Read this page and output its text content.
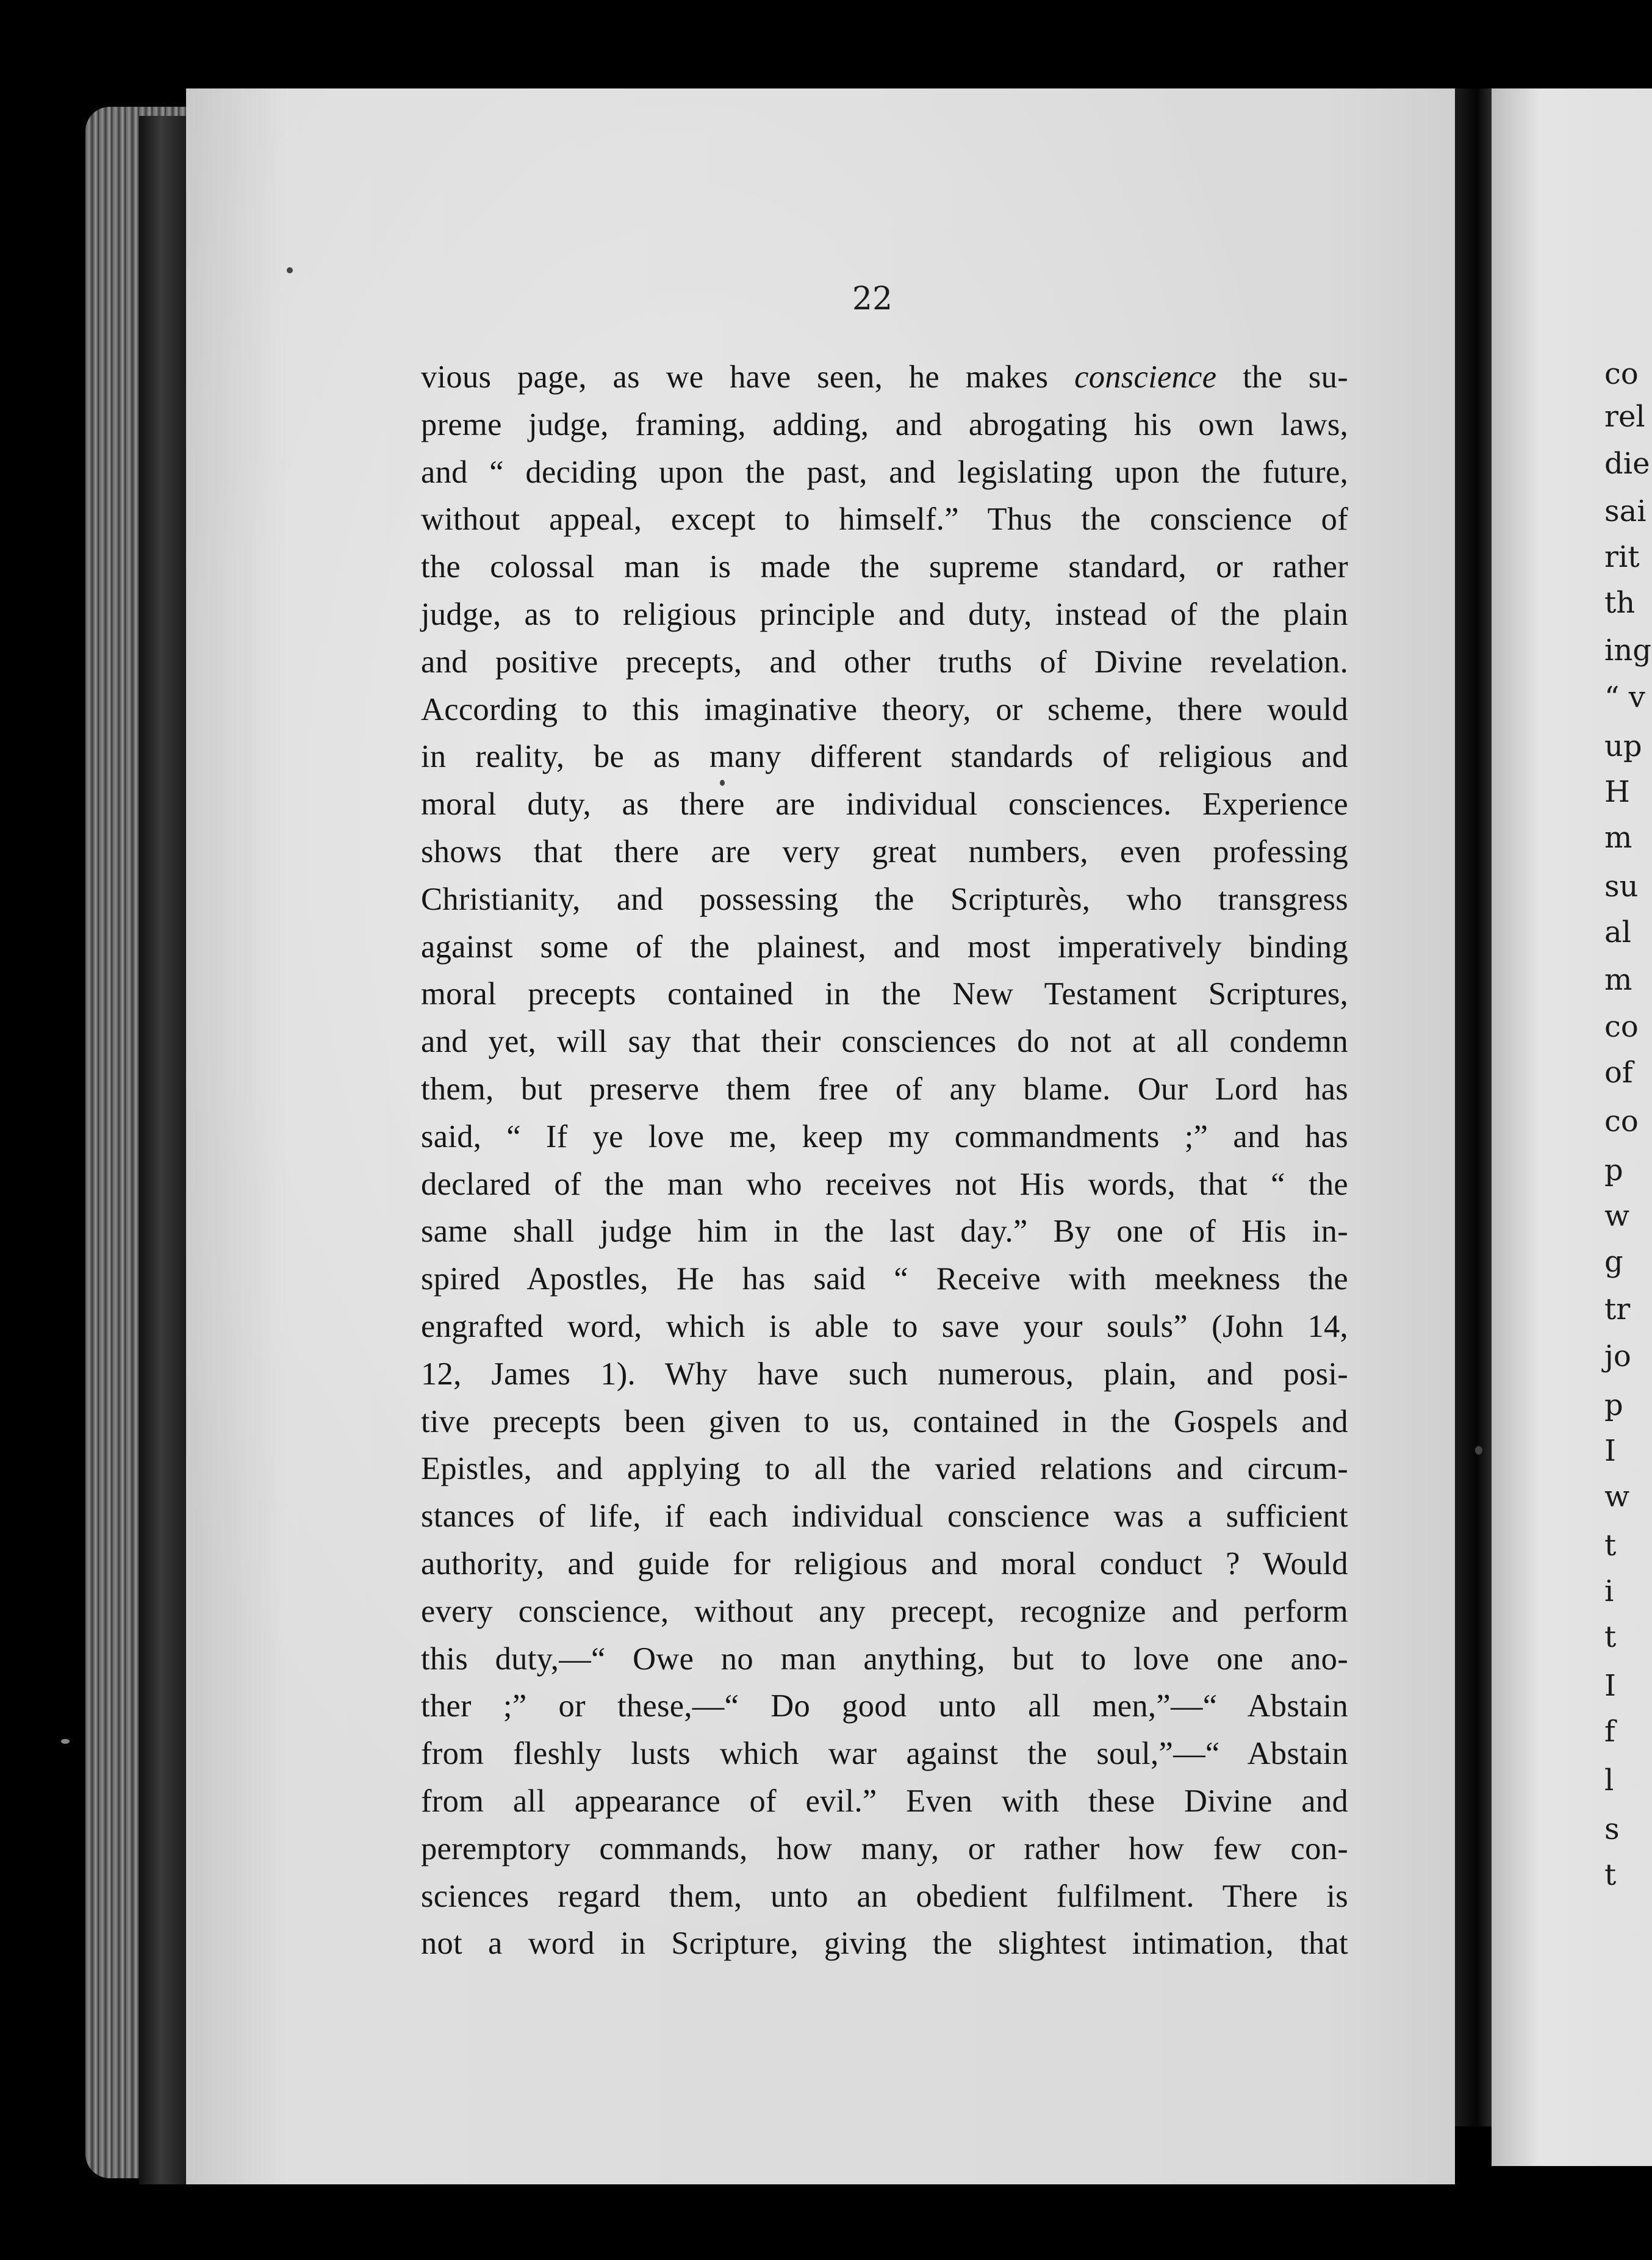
22
vious page, as we have seen, he makes conscience the su-
preme judge, framing, adding, and abrogating his own laws,
and “ deciding upon the past, and legislating upon the future,
without appeal, except to himself.” Thus the conscience of
the colossal man is made the supreme standard, or rather
judge, as to religious principle and duty, instead of the plain
and positive precepts, and other truths of Divine revelation.
According to this imaginative theory, or scheme, there would
in reality, be as many different standards of religious and
moral duty, as there are individual consciences. Experience
shows that there are very great numbers, even professing
Christianity, and possessing the Scripturès, who transgress
against some of the plainest, and most imperatively binding
moral precepts contained in the New Testament Scriptures,
and yet, will say that their consciences do not at all condemn
them, but preserve them free of any blame. Our Lord has
said, “ If ye love me, keep my commandments ;” and has
declared of the man who receives not His words, that “ the
same shall judge him in the last day.” By one of His in-
spired Apostles, He has said “ Receive with meekness the
engrafted word, which is able to save your souls” (John 14,
12, James 1). Why have such numerous, plain, and posi-
tive precepts been given to us, contained in the Gospels and
Epistles, and applying to all the varied relations and circum-
stances of life, if each individual conscience was a sufficient
authority, and guide for religious and moral conduct ? Would
every conscience, without any precept, recognize and perform
this duty,—“ Owe no man anything, but to love one ano-
ther ;” or these,—“ Do good unto all men,”—“ Abstain
from fleshly lusts which war against the soul,”—“ Abstain
from all appearance of evil.” Even with these Divine and
peremptory commands, how many, or rather how few con-
sciences regard them, unto an obedient fulfilment. There is
not a word in Scripture, giving the slightest intimation, that
co
rel
die
sai
rit
th
ing
“ v
up
H
m
su
al
m
co
of
co
p
w
g
tr
jo
p
I
w
t
i
t
I
f
l
s
t
